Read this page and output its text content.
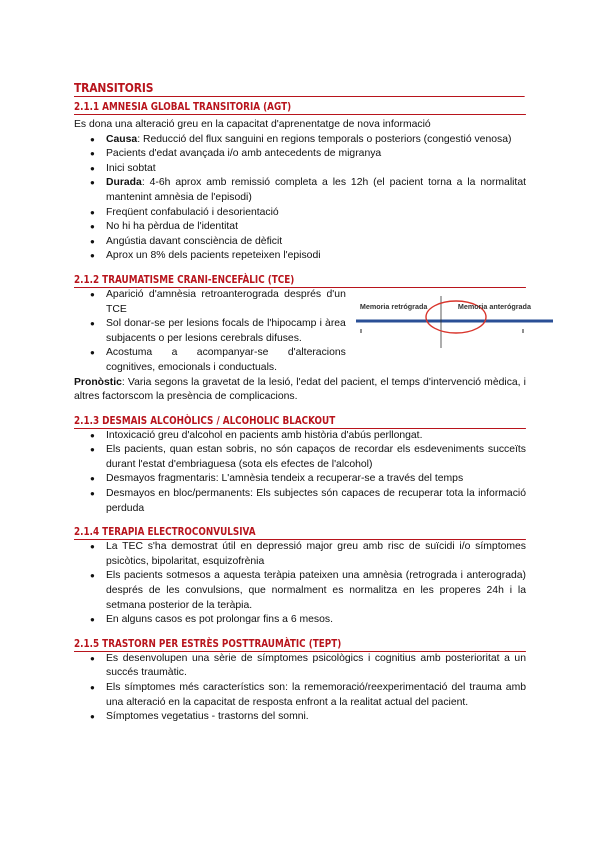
TRANSITORIS
2.1.1 AMNESIA GLOBAL TRANSITORIA (AGT)

Es dona una alteració greu en la capacitat d'aprenentatge de nova informació

● Causa: Reducció del flux sanguini en regions temporals o posteriors (congestió venosa)
● Pacients d'edat avançada i/o amb antecedents de migranya
● Inici sobtat
● Durada: 4-6h aprox amb remissió completa a les 12h (el pacient torna a la normalitat mantenint amnèsia de l'episodi)
● Freqüent confabulació i desorientació
● No hi ha pèrdua de l'identitat
● Angústia davant consciència de dèficit
● Aprox un 8% dels pacients repeteixen l'episodi
2.1.2 TRAUMATISME CRANI-ENCEFÀLIC (TCE)
● Aparició d'amnèsia retroanterograda després d'un TCE
● Sol donar-se per lesions focals de l'hipocamp i àrea subjacents o per lesions cerebrals difuses.
● Acostuma a acompanyar-se d'alteracions cognitives, emocionals i conductuals.
Memoria retrógrada	Memoria anterógrada

Pronòstic: Varia segons la gravetat de la lesió, l'edat del pacient, el temps d'intervenció mèdica, i altres factorscom la presència de complicacions.

2.1.3 DESMAIS ALCOHÒLICS / ALCOHOLIC BLACKOUT
● Intoxicació greu d'alcohol en pacients amb història d'abús perllongat.
● Els pacients, quan estan sobris, no són capaços de recordar els esdeveniments succeïts durant l'estat d'embriaguesa (sota els efectes de l'alcohol)
● Desmayos fragmentaris: L'amnèsia tendeix a recuperar-se a través del temps
● Desmayos en bloc/permanents: Els subjectes són capaces de recuperar tota la informació perduda
2.1.4 TERAPIA ELECTROCONVULSIVA
● La TEC s'ha demostrat útil en depressió major greu amb risc de suïcidi i/o símptomes psicòtics, bipolaritat, esquizofrènia
● Els pacients sotmesos a aquesta teràpia pateixen una amnèsia (retrograda i anterograda) després de les convulsions, que normalment es normalitza en les properes 24h i la setmana posterior de la teràpia.
● En alguns casos es pot prolongar fins a 6 mesos.
2.1.5 TRASTORN PER ESTRÈS POSTTRAUMÀTIC (TEPT)
● Es desenvolupen una sèrie de símptomes psicològics i cognitius amb posterioritat a un succés traumàtic.
● Els símptomes més característics son: la rememoració/reexperimentació del trauma amb una alteració en la capacitat de resposta enfront a la realitat actual del pacient.
● Símptomes vegetatius - trastorns del somni.
